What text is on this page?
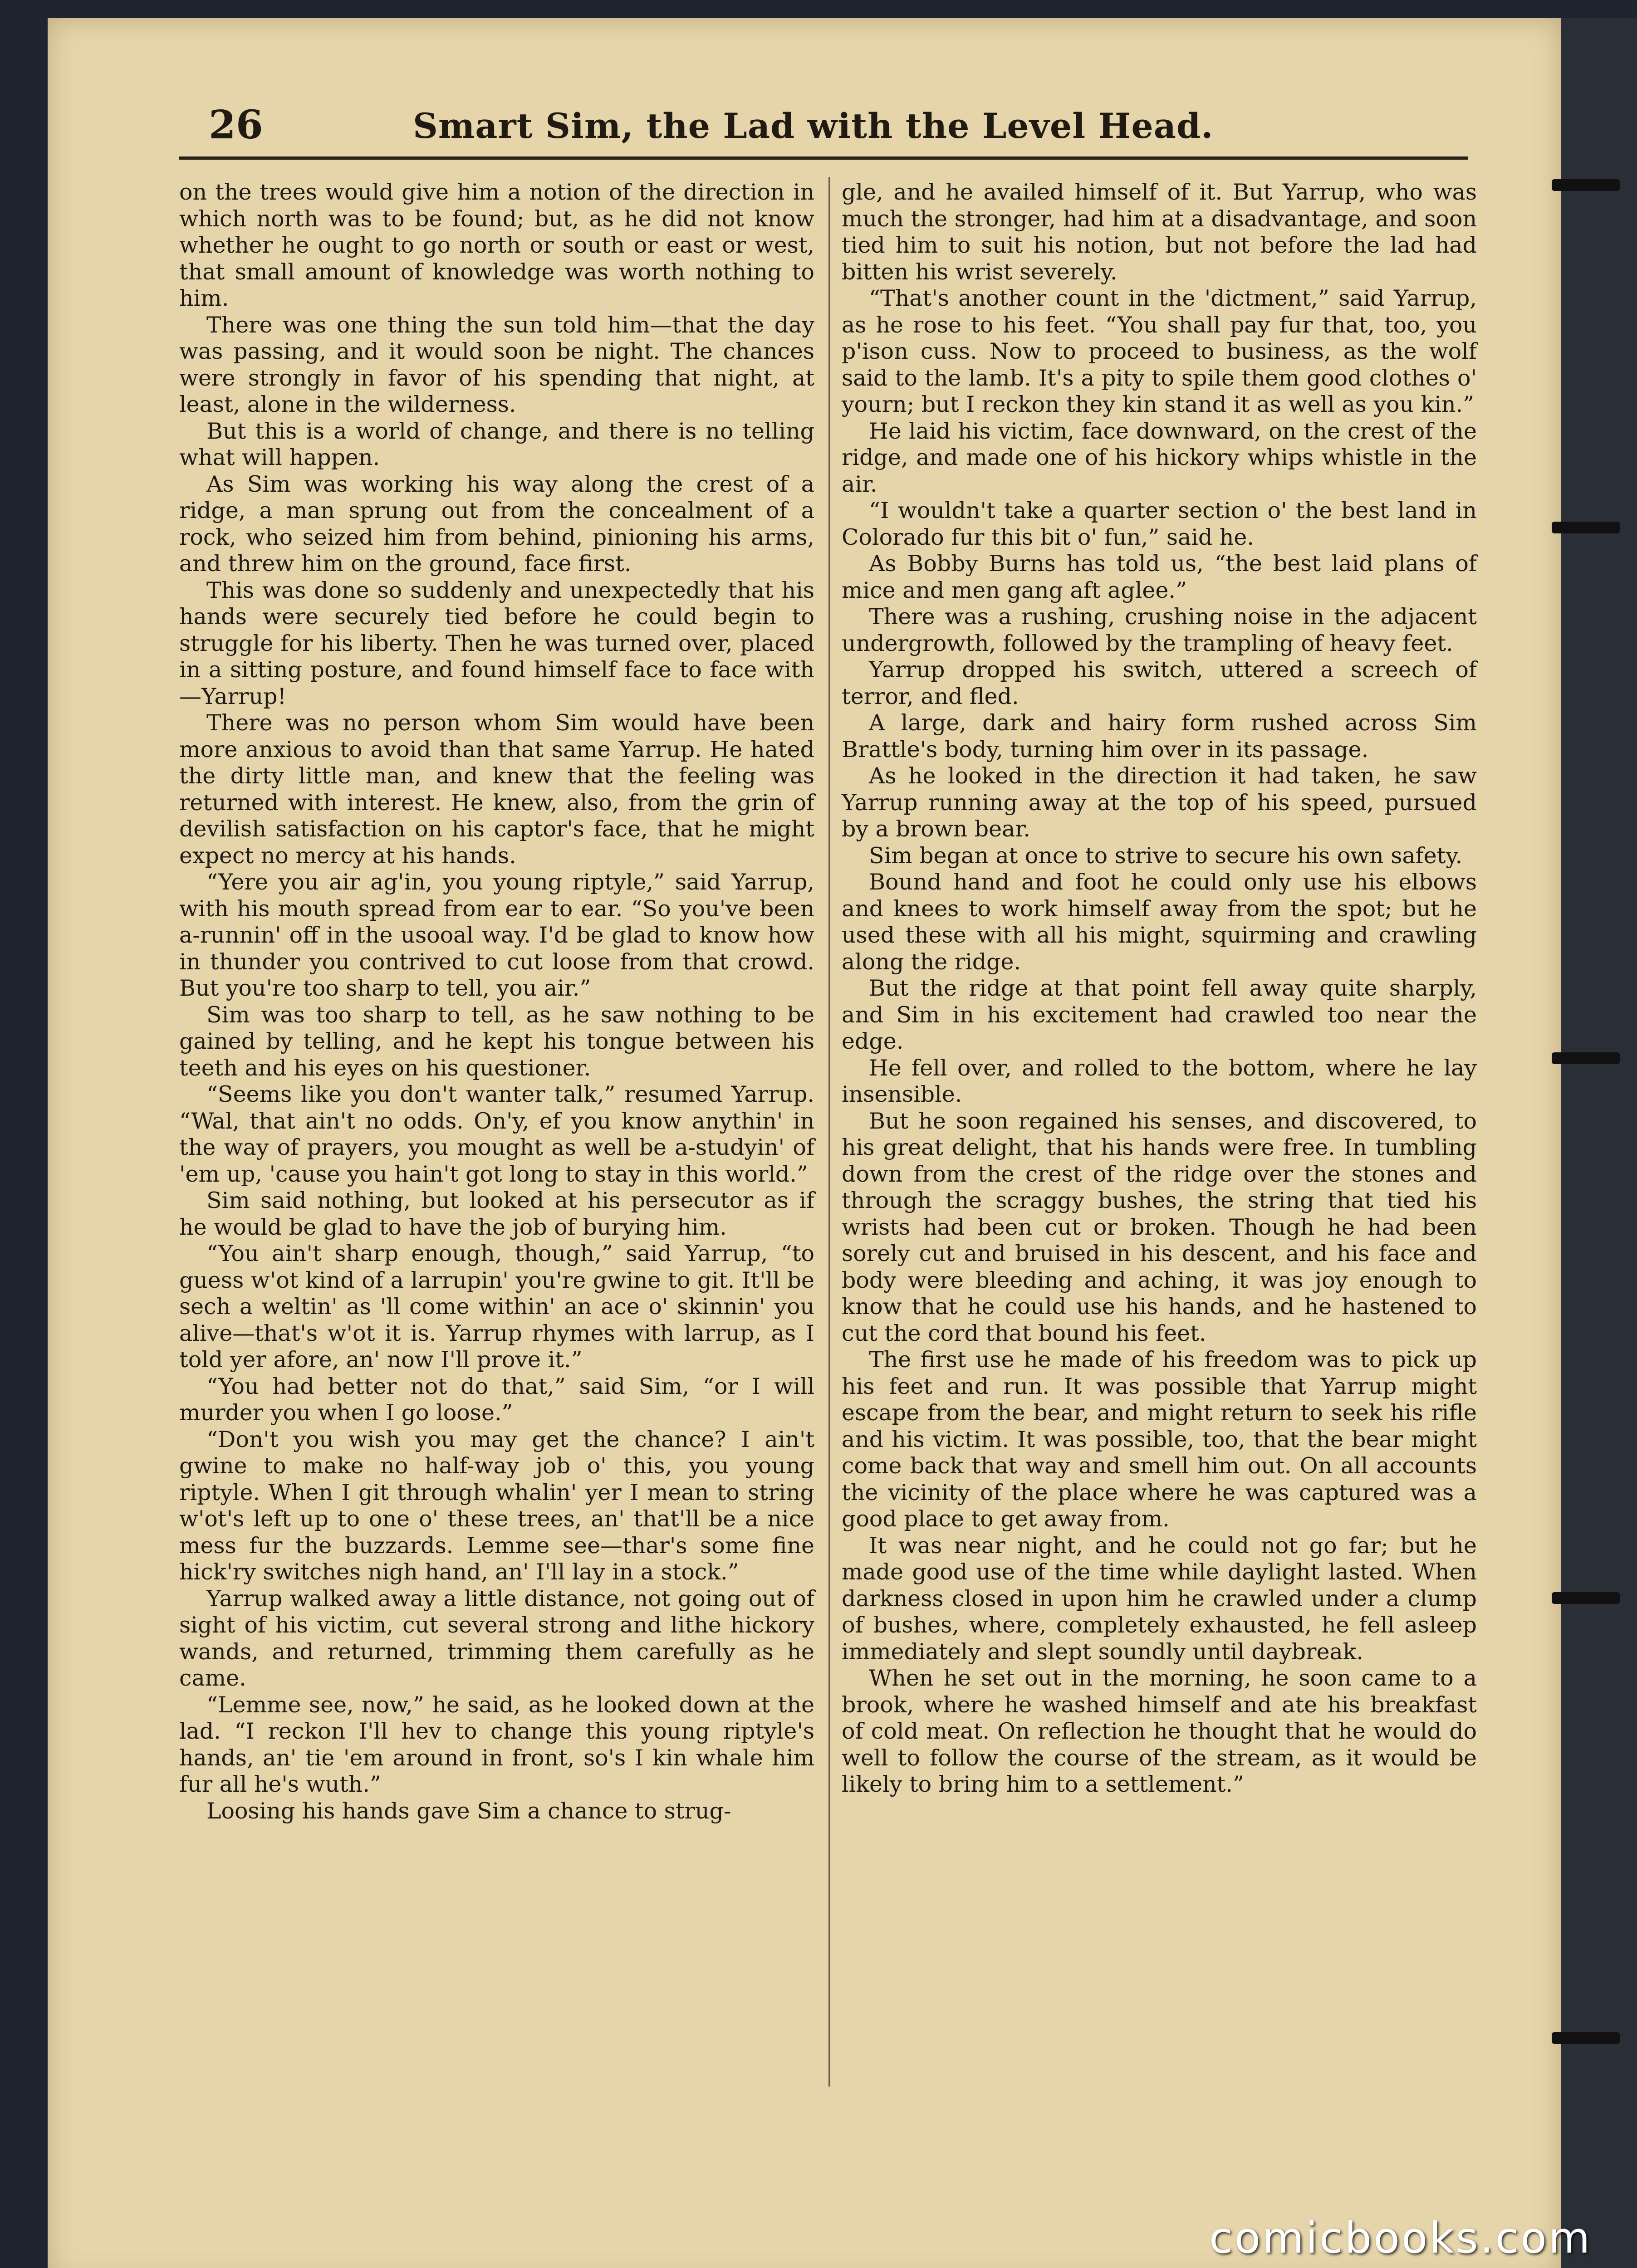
26	Smart Sim, the Lad with the Level Head.

on the trees would give him a notion of the direction in which north was to be found; but, as he did not know whether he ought to go north or south or east or west, that small amount of knowledge was worth nothing to him.

There was one thing the sun told him—that the day was passing, and it would soon be night. The chances were strongly in favor of his spending that night, at least, alone in the wilderness.

But this is a world of change, and there is no telling what will happen.

As Sim was working his way along the crest of a ridge, a man sprung out from the concealment of a rock, who seized him from behind, pinioning his arms, and threw him on the ground, face first.

This was done so suddenly and unexpectedly that his hands were securely tied before he could begin to struggle for his liberty. Then he was turned over, placed in a sitting posture, and found himself face to face with—Yarrup!

There was no person whom Sim would have been more anxious to avoid than that same Yarrup. He hated the dirty little man, and knew that the feeling was returned with interest. He knew, also, from the grin of devilish satisfaction on his captor's face, that he might expect no mercy at his hands.

“Yere you air ag'in, you young riptyle,” said Yarrup, with his mouth spread from ear to ear. “So you've been a-runnin' off in the usooal way. I'd be glad to know how in thunder you contrived to cut loose from that crowd. But you're too sharp to tell, you air.”

Sim was too sharp to tell, as he saw nothing to be gained by telling, and he kept his tongue between his teeth and his eyes on his questioner.

“Seems like you don't wanter talk,” resumed Yarrup. “Wal, that ain't no odds. On'y, ef you know anythin' in the way of prayers, you mought as well be a-studyin' of 'em up, 'cause you hain't got long to stay in this world.”

Sim said nothing, but looked at his persecutor as if he would be glad to have the job of burying him.

“You ain't sharp enough, though,” said Yarrup, “to guess w'ot kind of a larrupin' you're gwine to git. It'll be sech a weltin' as 'll come within' an ace o' skinnin' you alive—that's w'ot it is. Yarrup rhymes with larrup, as I told yer afore, an' now I'll prove it.”

“You had better not do that,” said Sim, “or I will murder you when I go loose.”

“Don't you wish you may get the chance? I ain't gwine to make no half-way job o' this, you young riptyle. When I git through whalin' yer I mean to string w'ot's left up to one o' these trees, an' that'll be a nice mess fur the buzzards. Lemme see—thar's some fine hick'ry switches nigh hand, an' I'll lay in a stock.”

Yarrup walked away a little distance, not going out of sight of his victim, cut several strong and lithe hickory wands, and returned, trimming them carefully as he came.

“Lemme see, now,” he said, as he looked down at the lad. “I reckon I'll hev to change this young riptyle's hands, an' tie 'em around in front, so's I kin whale him fur all he's wuth.”

Loosing his hands gave Sim a chance to strug-

gle, and he availed himself of it. But Yarrup, who was much the stronger, had him at a disadvantage, and soon tied him to suit his notion, but not before the lad had bitten his wrist severely.

“That's another count in the 'dictment,” said Yarrup, as he rose to his feet. “You shall pay fur that, too, you p'ison cuss. Now to proceed to business, as the wolf said to the lamb. It's a pity to spile them good clothes o' yourn; but I reckon they kin stand it as well as you kin.”

He laid his victim, face downward, on the crest of the ridge, and made one of his hickory whips whistle in the air.

“I wouldn't take a quarter section o' the best land in Colorado fur this bit o' fun,” said he.

As Bobby Burns has told us, “the best laid plans of mice and men gang aft aglee.”

There was a rushing, crushing noise in the adjacent undergrowth, followed by the trampling of heavy feet.

Yarrup dropped his switch, uttered a screech of terror, and fled.

A large, dark and hairy form rushed across Sim Brattle's body, turning him over in its passage.

As he looked in the direction it had taken, he saw Yarrup running away at the top of his speed, pursued by a brown bear.

Sim began at once to strive to secure his own safety.

Bound hand and foot he could only use his elbows and knees to work himself away from the spot; but he used these with all his might, squirming and crawling along the ridge.

But the ridge at that point fell away quite sharply, and Sim in his excitement had crawled too near the edge.

He fell over, and rolled to the bottom, where he lay insensible.

But he soon regained his senses, and discovered, to his great delight, that his hands were free. In tumbling down from the crest of the ridge over the stones and through the scraggy bushes, the string that tied his wrists had been cut or broken. Though he had been sorely cut and bruised in his descent, and his face and body were bleeding and aching, it was joy enough to know that he could use his hands, and he hastened to cut the cord that bound his feet.

The first use he made of his freedom was to pick up his feet and run. It was possible that Yarrup might escape from the bear, and might return to seek his rifle and his victim. It was possible, too, that the bear might come back that way and smell him out. On all accounts the vicinity of the place where he was captured was a good place to get away from.

It was near night, and he could not go far; but he made good use of the time while daylight lasted. When darkness closed in upon him he crawled under a clump of bushes, where, completely exhausted, he fell asleep immediately and slept soundly until daybreak.

When he set out in the morning, he soon came to a brook, where he washed himself and ate his breakfast of cold meat. On reflection he thought that he would do well to follow the course of the stream, as it would be likely to bring him to a settlement.”

comicbooks.com
